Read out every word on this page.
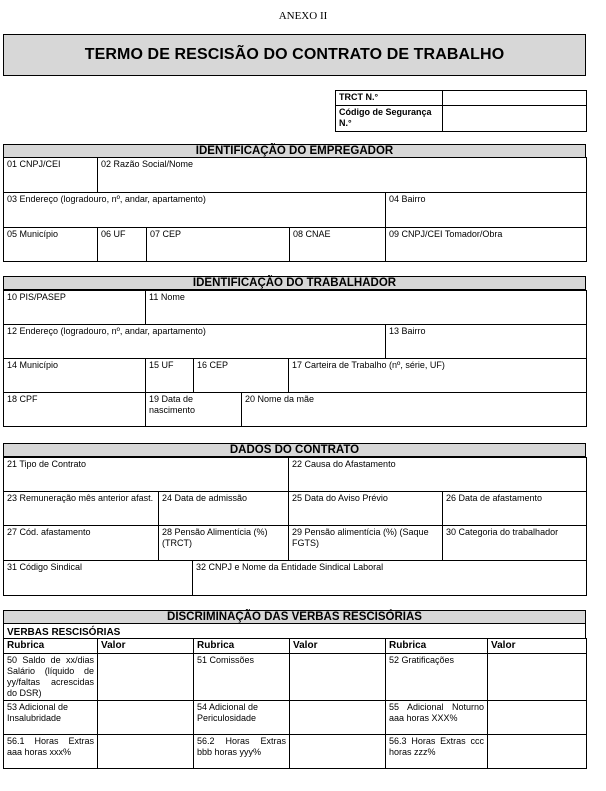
ANEXO II
TERMO DE RESCISÃO DO CONTRATO DE TRABALHO
TRCT N.°	
Código de Segurança N.°	
IDENTIFICAÇÃO DO EMPREGADOR
01 CNPJ/CEI	02 Razão Social/Nome			
03 Endereço (logradouro, nº, andar, apartamento)				04 Bairro
05 Município	06 UF	07 CEP	08 CNAE	09 CNPJ/CEI Tomador/Obra
IDENTIFICAÇÃO DO TRABALHADOR
10 PIS/PASEP	11 Nome				
12 Endereço (logradouro, nº, andar, apartamento)					13 Bairro
14 Município	15 UF	16 CEP		17 Carteira de Trabalho (nº, série, UF)	
18 CPF	19 Data de nascimento		20 Nome da mãe		
DADOS DO CONTRATO
21 Tipo de Contrato			22 Causa do Afastamento	
23 Remuneração mês anterior afast.	24 Data de admissão		25 Data do Aviso Prévio	26 Data de afastamento
27 Cód. afastamento	28 Pensão Alimentícia (%) (TRCT)		29 Pensão alimentícia (%) (Saque FGTS)	30 Categoria do trabalhador
31 Código Sindical		32 CNPJ e Nome da Entidade Sindical Laboral		
DISCRIMINAÇÃO DAS VERBAS RESCISÓRIAS
VERBAS RESCISÓRIAS
Rubrica	Valor	Rubrica	Valor	Rubrica	Valor
50 Saldo de xx/dias Salário (líquido de yy/faltas acrescidas do DSR)		51 Comissões		52 Gratificações	
53 Adicional de Insalubridade		54 Adicional de Periculosidade		55 Adicional Noturno aaa horas XXX%	
56.1 Horas Extras aaa horas xxx%		56.2 Horas Extras bbb horas yyy%		56.3 Horas Extras ccc horas zzz%	
